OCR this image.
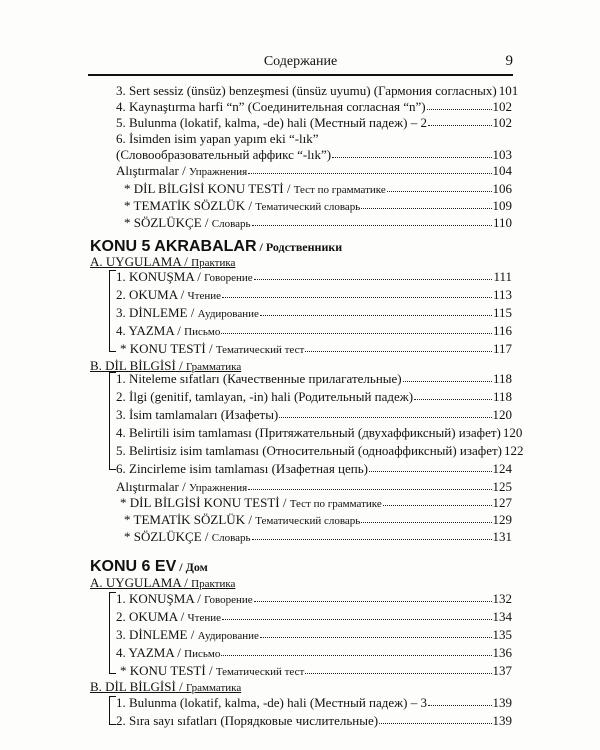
Содержание	9
3. Sert sessiz (ünsüz) benzeşmesi (ünsüz uyumu) (Гармония согласных) 101
4. Kaynaştırma harfi “n” (Соединительная согласная “n”)	102
5. Bulunma (lokatif, kalma, -de) hali (Местный падеж) – 2	102
6. İsimden isim yapan yapım eki “-lık”
(Словообразовательный аффикс “-lık”)	103
Alıştırmalar / Упражнения	104
* DİL BİLGİSİ KONU TESTİ / Тест по грамматике	106
* TEMATİK SÖZLÜK / Тематический словарь	109
* SÖZLÜKÇE / Словарь	110
KONU 5 AKRABALAR / Родственники
A. UYGULAMA / Практика
1. KONUŞMA / Говорение	111
2. OKUMA / Чтение	113
3. DİNLEME / Аудирование	115
4. YAZMA / Письмо	116
* KONU TESTİ / Тематический тест	117
B. DİL BİLGİSİ / Грамматика
1. Niteleme sıfatları (Качественные прилагательные)	118
2. İlgi (genitif, tamlayan, -in) hali (Родительный падеж)	118
3. İsim tamlamaları (Изафеты)	120
4. Belirtili isim tamlaması (Притяжательный (двухаффиксный) изафет) 120
5. Belirtisiz isim tamlaması (Относительный (одноаффиксный) изафет) 122
6. Zincirleme isim tamlaması (Изафетная цепь)	124
Alıştırmalar / Упражнения	125
* DİL BİLGİSİ KONU TESTİ / Тест по грамматике	127
* TEMATİK SÖZLÜK / Тематический словарь	129
* SÖZLÜKÇE / Словарь	131
KONU 6 EV / Дом
A. UYGULAMA / Практика
1. KONUŞMA / Говорение	132
2. OKUMA / Чтение	134
3. DİNLEME / Аудирование	135
4. YAZMA / Письмо	136
* KONU TESTİ / Тематический тест	137
B. DİL BİLGİSİ / Грамматика
1. Bulunma (lokatif, kalma, -de) hali (Местный падеж) – 3	139
2. Sıra sayı sıfatları (Порядковые числительные)	139
